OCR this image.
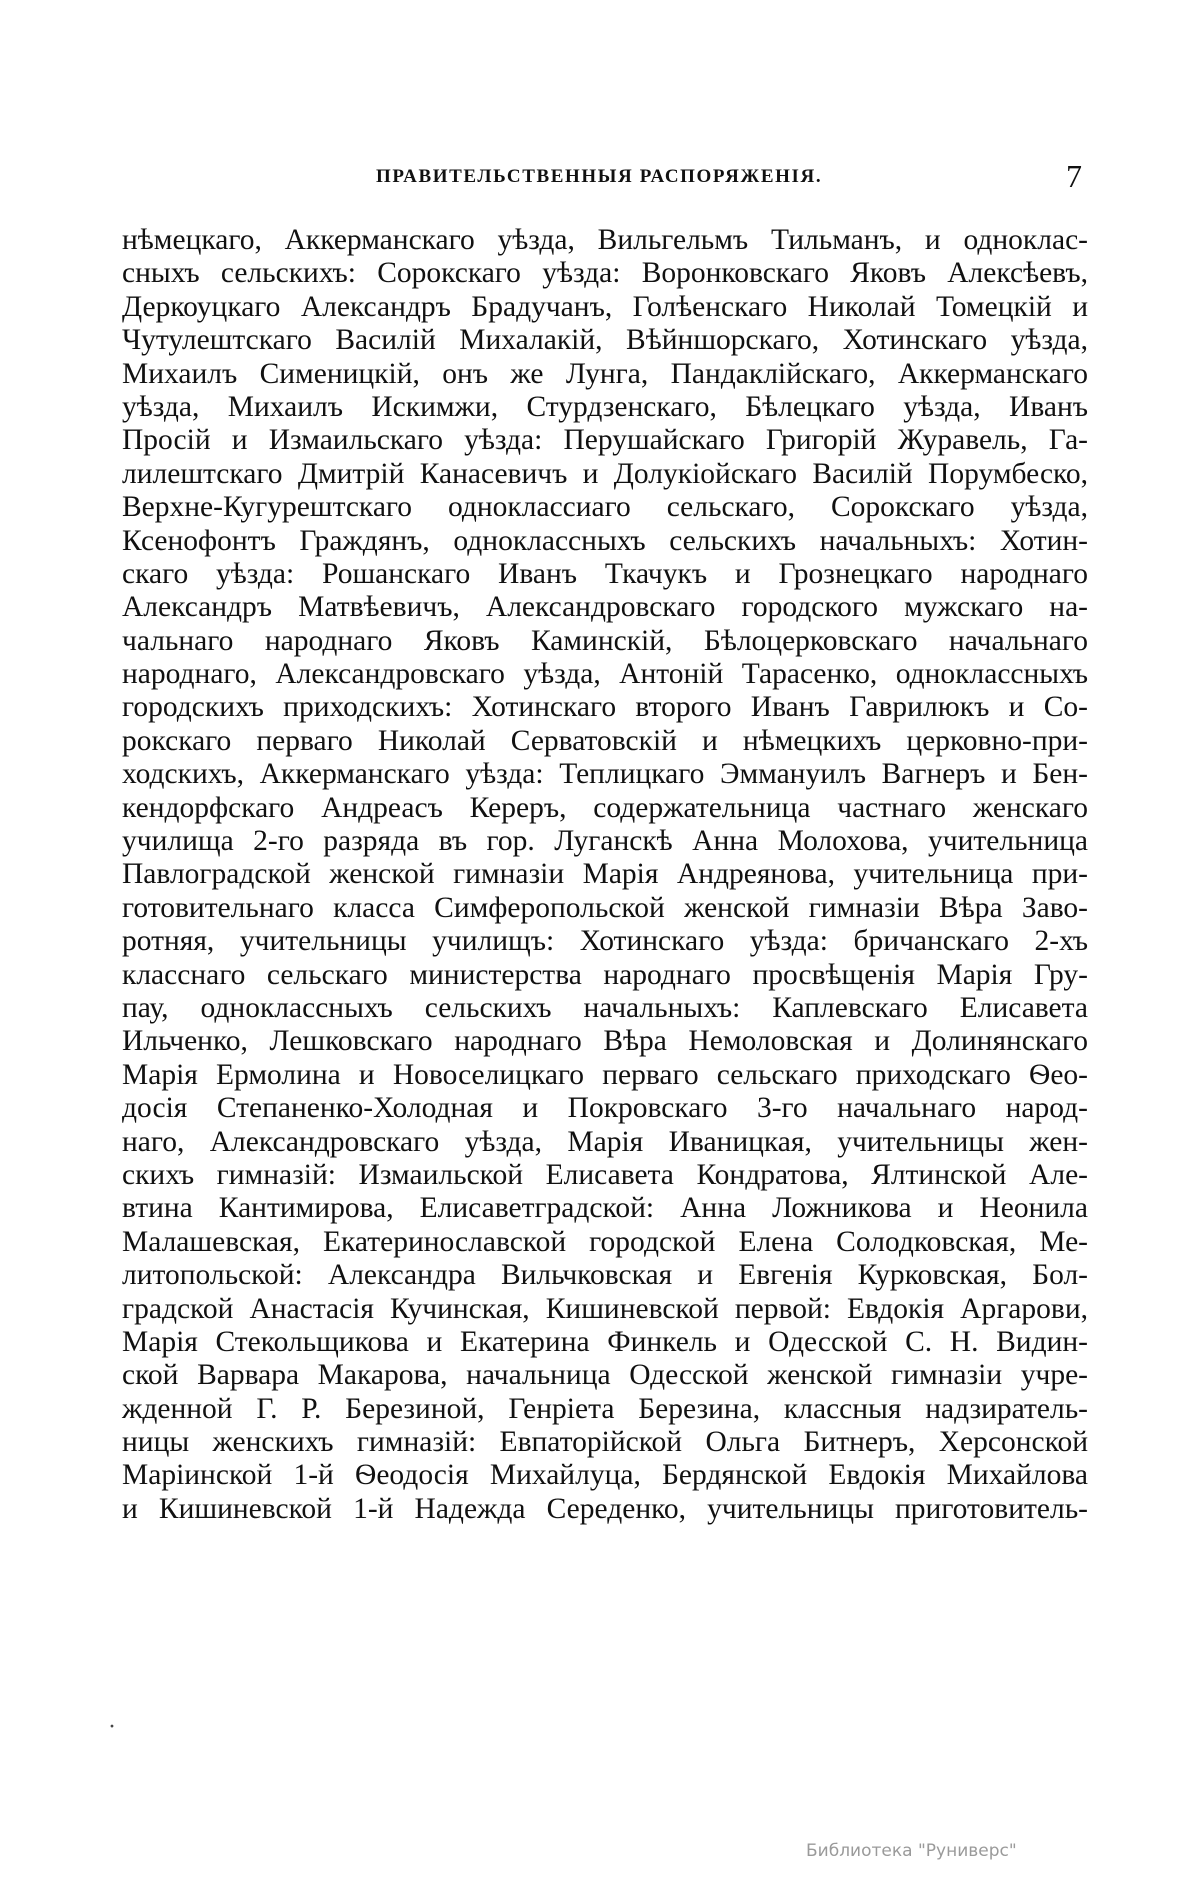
ПРАВИТЕЛЬСТВЕННЫЯ РАСПОРЯЖЕНІЯ.	7
нѣмецкаго, Аккерманскаго уѣзда, Вильгельмъ Тильманъ, и одноклас-
сныхъ сельскихъ: Сорокскаго уѣзда: Воронковскаго Яковъ Алексѣевъ,
Деркоуцкаго Александръ Брадучанъ, Голѣенскаго Николай Томецкій и
Чутулештскаго Василій Михалакій, Вѣйншорскаго, Хотинскаго уѣзда,
Михаилъ Сименицкій, онъ же Лунга, Пандаклійскаго, Аккерманскаго
уѣзда, Михаилъ Искимжи, Стурдзенскаго, Бѣлецкаго уѣзда, Иванъ
Просій и Измаильскаго уѣзда: Перушайскаго Григорій Журавель, Га-
лилештскаго Дмитрій Канасевичъ и Долукіойскаго Василій Порумбеско,
Верхне-Кугурештскаго одноклассиаго сельскаго, Сорокскаго уѣзда,
Ксенофонтъ Граждянъ, одноклассныхъ сельскихъ начальныхъ: Хотин-
скаго уѣзда: Рошанскаго Иванъ Ткачукъ и Грознецкаго народнаго
Александръ Матвѣевичъ, Александровскаго городского мужскаго на-
чальнаго народнаго Яковъ Каминскій, Бѣлоцерковскаго начальнаго
народнаго, Александровскаго уѣзда, Антоній Тарасенко, одноклассныхъ
городскихъ приходскихъ: Хотинскаго второго Иванъ Гаврилюкъ и Со-
рокскаго перваго Николай Серватовскій и нѣмецкихъ церковно-при-
ходскихъ, Аккерманскаго уѣзда: Теплицкаго Эммануилъ Вагнеръ и Бен-
кендорфскаго Андреасъ Кереръ, содержательница частнаго женскаго
училища 2-го разряда въ гор. Луганскѣ Анна Молохова, учительница
Павлоградской женской гимназіи Марія Андреянова, учительница при-
готовительнаго класса Симферопольской женской гимназіи Вѣра Заво-
ротняя, учительницы училищъ: Хотинскаго уѣзда: бричанскаго 2-хъ
класснаго сельскаго министерства народнаго просвѣщенія Марія Гру-
пау, одноклассныхъ сельскихъ начальныхъ: Каплевскаго Елисавета
Ильченко, Лешковскаго народнаго Вѣра Немоловская и Долинянскаго
Марія Ермолина и Новоселицкаго перваго сельскаго приходскаго Ѳео-
досія Степаненко-Холодная и Покровскаго 3-го начальнаго народ-
наго, Александровскаго уѣзда, Марія Иваницкая, учительницы жен-
скихъ гимназій: Измаильской Елисавета Кондратова, Ялтинской Але-
втина Кантимирова, Елисаветградской: Анна Ложникова и Неонила
Малашевская, Екатеринославской городской Елена Солодковская, Ме-
литопольской: Александра Вильчковская и Евгенія Курковская, Бол-
градской Анастасія Кучинская, Кишиневской первой: Евдокія Аргарови,
Марія Стекольщикова и Екатерина Финкель и Одесской С. Н. Видин-
ской Варвара Макарова, начальница Одесской женской гимназіи учре-
жденной Г. Р. Березиной, Генріета Березина, классныя надзиратель-
ницы женскихъ гимназій: Евпаторійской Ольга Битнеръ, Херсонской
Маріинской 1-й Ѳеодосія Михайлуца, Бердянской Евдокія Михайлова
и Кишиневской 1-й Надежда Середенко, учительницы приготовитель-
·
Библиотека "Руниверс"
